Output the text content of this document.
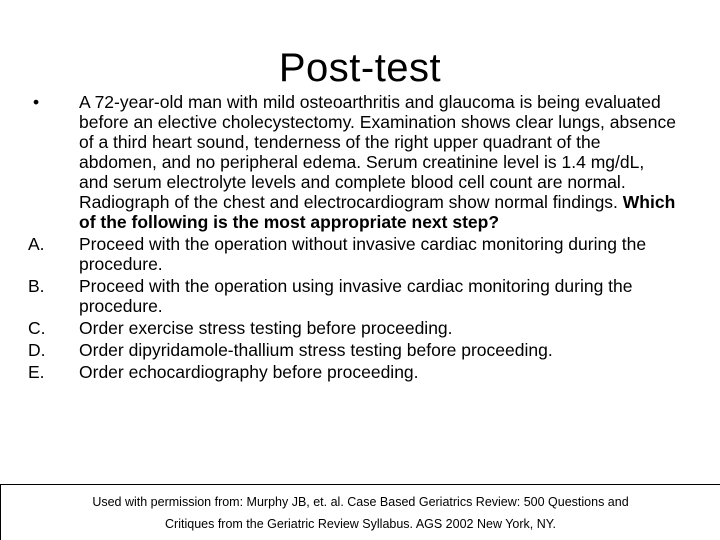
Post-test
• A 72-year-old man with mild osteoarthritis and glaucoma is being evaluated before an elective cholecystectomy. Examination shows clear lungs, absence of a third heart sound, tenderness of the right upper quadrant of the abdomen, and no peripheral edema. Serum creatinine level is 1.4 mg/dL, and serum electrolyte levels and complete blood cell count are normal. Radiograph of the chest and electrocardiogram show normal findings. Which of the following is the most appropriate next step?
A. Proceed with the operation without invasive cardiac monitoring during the procedure.
B. Proceed with the operation using invasive cardiac monitoring during the procedure.
C. Order exercise stress testing before proceeding.
D. Order dipyridamole-thallium stress testing before proceeding.
E. Order echocardiography before proceeding.
Used with permission from: Murphy JB, et. al. Case Based Geriatrics Review: 500 Questions and
Critiques from the Geriatric Review Syllabus. AGS 2002 New York, NY.
